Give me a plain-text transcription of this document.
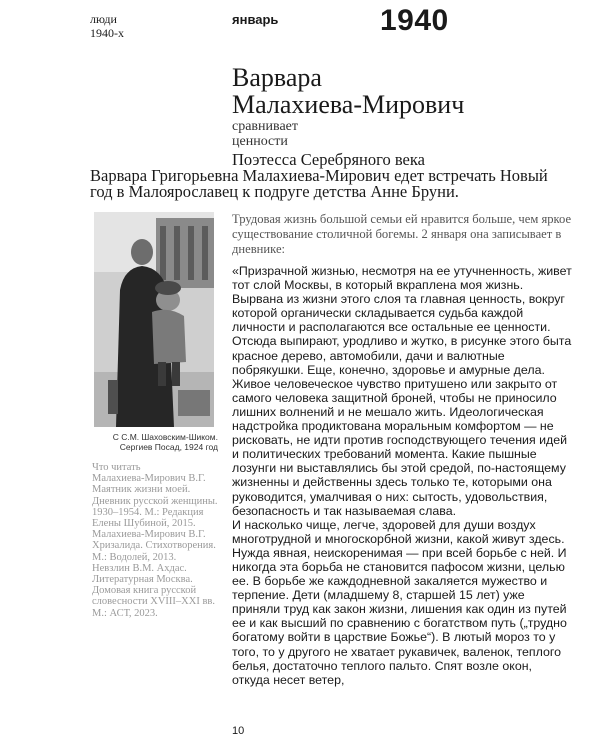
люди
1940-х
январь	1940
Варвара
Малахиева-Мирович
сравнивает ценности
Поэтесса Серебряного века
Варвара Григорьевна Малахиева-Мирович едет встречать Новый год в Малоярославец к подруге детства Анне Бруни.
С С.М. Шаховским-Шиком.
Сергиев Посад, 1924 год

Что читать

Малахиева-Мирович В.Г. Маятник жизни моей. Дневник русской женщины. 1930–1954. М.: Редакция Елены Шубиной, 2015.

Малахиева-Мирович В.Г. Хризалида. Стихотворения. М.: Водолей, 2013.

Невзлин В.М. Ахдас. Литературная Москва. Домовая книга русской словесности XVIII–XXI вв. М.: АСТ, 2023.

Трудовая жизнь большой семьи ей нравится больше, чем яркое существование столичной богемы. 2 января она записывает в дневнике:

«Призрачной жизнью, несмотря на ее утучненность, живет тот слой Москвы, в который вкраплена моя жизнь.

Вырвана из жизни этого слоя та главная ценность, вокруг которой органически складывается судьба каждой личности и располагаются все остальные ее ценности. Отсюда выпирают, уродливо и жутко, в рисунке этого быта красное дерево, автомобили, дачи и валютные побрякушки. Еще, конечно, здоровье и амурные дела. Живое человеческое чувство притушено или закрыто от самого человека защитной броней, чтобы не приносило лишних волнений и не мешало жить. Идеологическая надстройка продиктована моральным комфортом — не рисковать, не идти против господствующего течения идей и политических требований момента. Какие пышные лозунги ни выставлялись бы этой средой, по-настоящему жизненны и действенны здесь только те, которыми она руководится, умалчивая о них: сытость, удовольствия, безопасность и так называемая слава.

И насколько чище, легче, здоровей для души воздух многотрудной и многоскорбной жизни, какой живут здесь. Нужда явная, неискоренимая — при всей борьбе с ней. И никогда эта борьба не становится пафосом жизни, целью ее. В борьбе же каждодневной закаляется мужество и терпение. Дети (младшему 8, старшей 15 лет) уже приняли труд как закон жизни, лишения как один из путей ее и как высший по сравнению с богатством путь („трудно богатому войти в царствие Божье“). В лютый мороз то у того, то у другого не хватает рукавичек, валенок, теплого белья, достаточно теплого пальто. Спят возле окон, откуда несет ветер,

10
